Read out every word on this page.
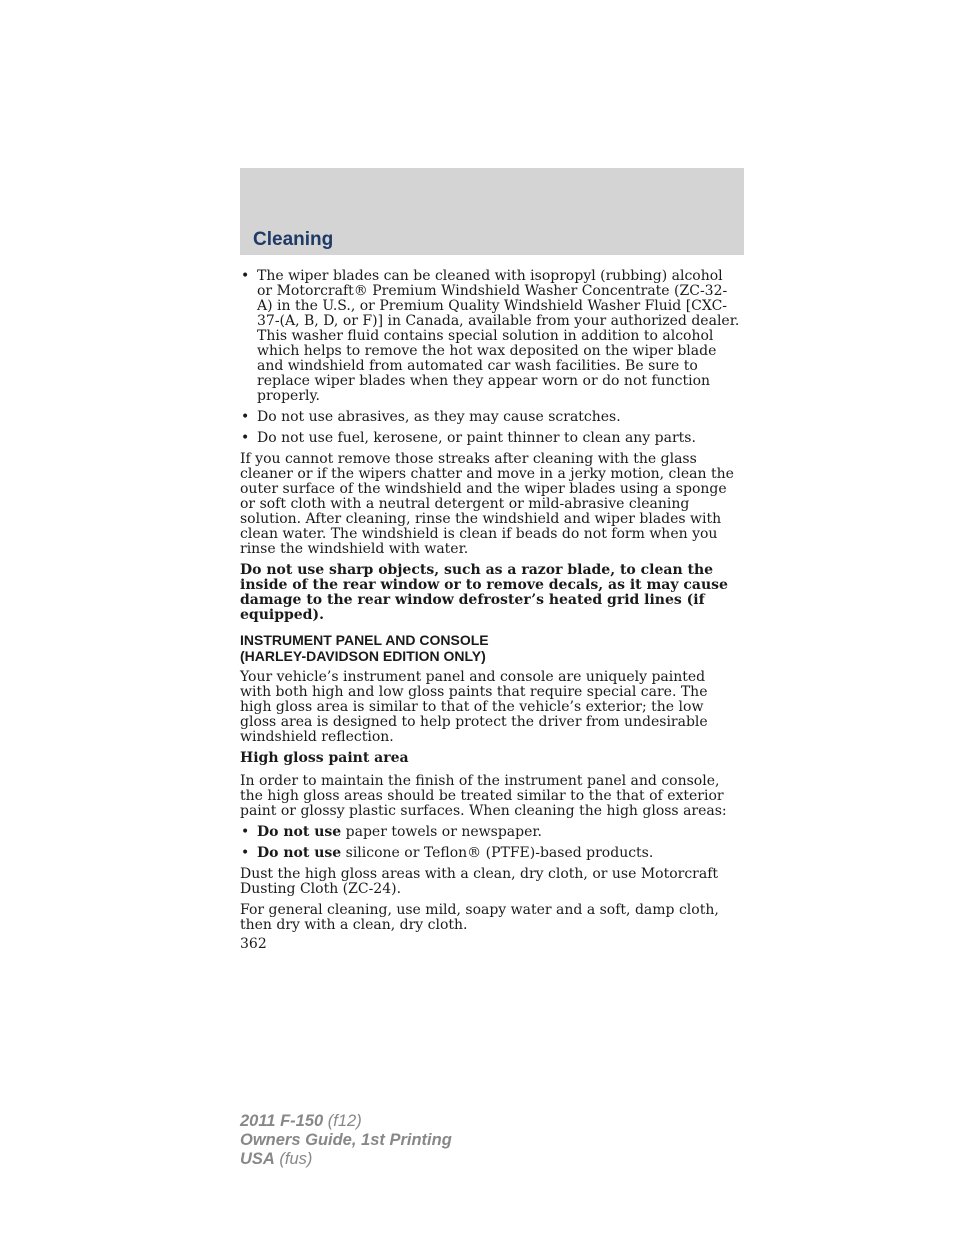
Cleaning
• The wiper blades can be cleaned with isopropyl (rubbing) alcohol or Motorcraft® Premium Windshield Washer Concentrate (ZC-32-A) in the U.S., or Premium Quality Windshield Washer Fluid [CXC-37-(A, B, D, or F)] in Canada, available from your authorized dealer. This washer fluid contains special solution in addition to alcohol which helps to remove the hot wax deposited on the wiper blade and windshield from automated car wash facilities. Be sure to replace wiper blades when they appear worn or do not function properly.
• Do not use abrasives, as they may cause scratches.
• Do not use fuel, kerosene, or paint thinner to clean any parts.

If you cannot remove those streaks after cleaning with the glass cleaner or if the wipers chatter and move in a jerky motion, clean the outer surface of the windshield and the wiper blades using a sponge or soft cloth with a neutral detergent or mild-abrasive cleaning solution. After cleaning, rinse the windshield and wiper blades with clean water. The windshield is clean if beads do not form when you rinse the windshield with water.

Do not use sharp objects, such as a razor blade, to clean the inside of the rear window or to remove decals, as it may cause damage to the rear window defroster’s heated grid lines (if equipped).

INSTRUMENT PANEL AND CONSOLE
(HARLEY-DAVIDSON EDITION ONLY)

Your vehicle’s instrument panel and console are uniquely painted with both high and low gloss paints that require special care. The high gloss area is similar to that of the vehicle’s exterior; the low gloss area is designed to help protect the driver from undesirable windshield reflection.

High gloss paint area

In order to maintain the finish of the instrument panel and console, the high gloss areas should be treated similar to the that of exterior paint or glossy plastic surfaces. When cleaning the high gloss areas:

• Do not use paper towels or newspaper.
• Do not use silicone or Teflon® (PTFE)-based products.

Dust the high gloss areas with a clean, dry cloth, or use Motorcraft Dusting Cloth (ZC-24).

For general cleaning, use mild, soapy water and a soft, damp cloth, then dry with a clean, dry cloth.

362

2011 F-150 (f12)
Owners Guide, 1st Printing
USA (fus)
